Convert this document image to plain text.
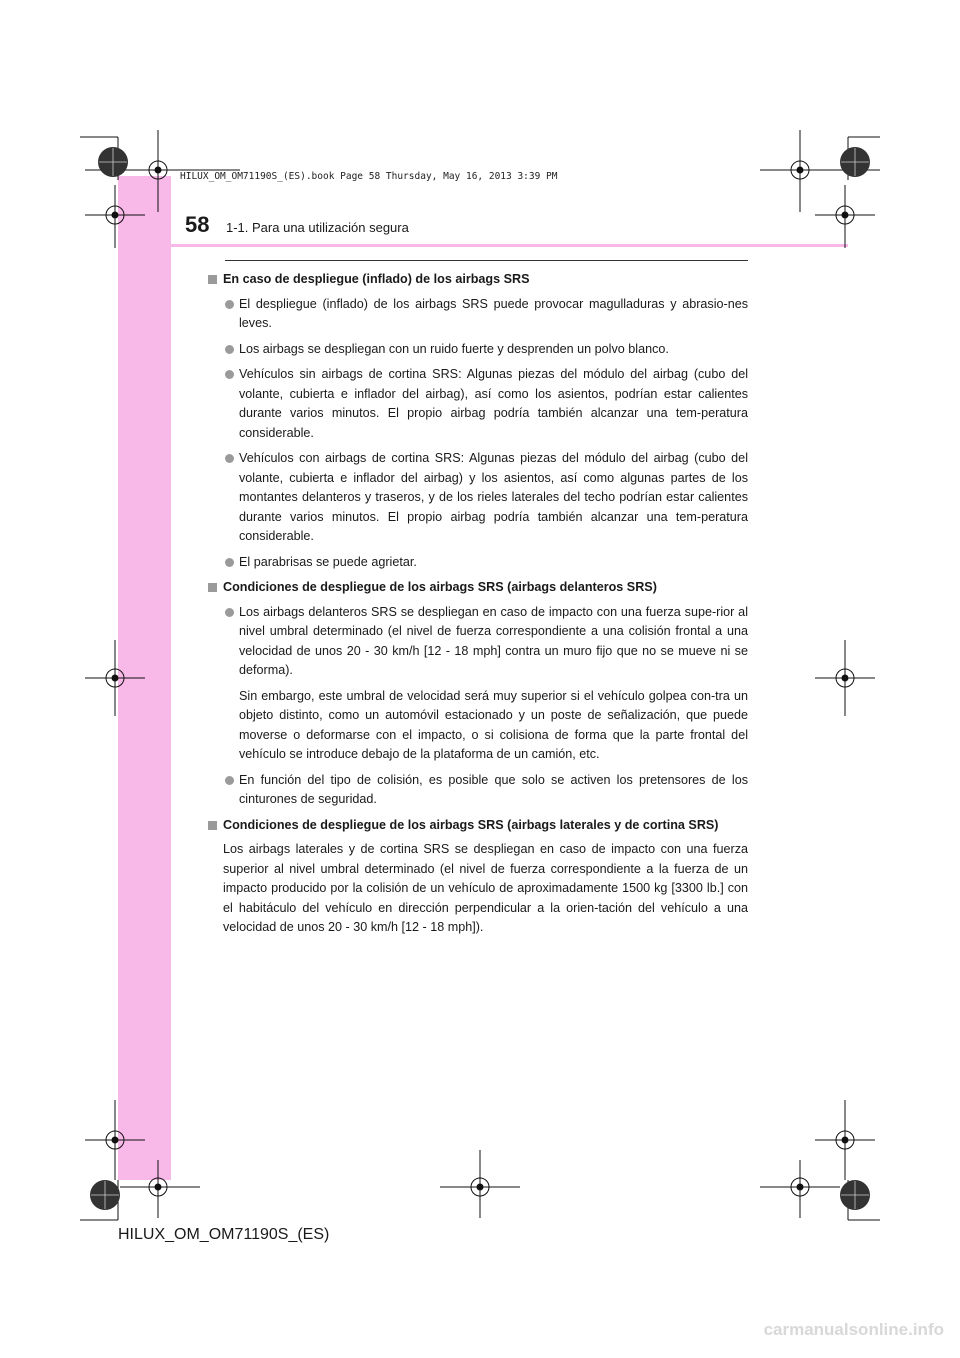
HILUX_OM_OM71190S_(ES).book Page 58 Thursday, May 16, 2013 3:39 PM
58 1-1. Para una utilización segura
En caso de despliegue (inflado) de los airbags SRS
El despliegue (inflado) de los airbags SRS puede provocar magulladuras y abrasio-nes leves.
Los airbags se despliegan con un ruido fuerte y desprenden un polvo blanco.
Vehículos sin airbags de cortina SRS: Algunas piezas del módulo del airbag (cubo del volante, cubierta e inflador del airbag), así como los asientos, podrían estar calientes durante varios minutos. El propio airbag podría también alcanzar una tem-peratura considerable.
Vehículos con airbags de cortina SRS: Algunas piezas del módulo del airbag (cubo del volante, cubierta e inflador del airbag) y los asientos, así como algunas partes de los montantes delanteros y traseros, y de los rieles laterales del techo podrían estar calientes durante varios minutos. El propio airbag podría también alcanzar una tem-peratura considerable.
El parabrisas se puede agrietar.
Condiciones de despliegue de los airbags SRS (airbags delanteros SRS)
Los airbags delanteros SRS se despliegan en caso de impacto con una fuerza supe-rior al nivel umbral determinado (el nivel de fuerza correspondiente a una colisión frontal a una velocidad de unos 20 - 30 km/h [12 - 18 mph] contra un muro fijo que no se mueve ni se deforma).
Sin embargo, este umbral de velocidad será muy superior si el vehículo golpea con-tra un objeto distinto, como un automóvil estacionado y un poste de señalización, que puede moverse o deformarse con el impacto, o si colisiona de forma que la parte frontal del vehículo se introduce debajo de la plataforma de un camión, etc.
En función del tipo de colisión, es posible que solo se activen los pretensores de los cinturones de seguridad.
Condiciones de despliegue de los airbags SRS (airbags laterales y de cortina SRS)
Los airbags laterales y de cortina SRS se despliegan en caso de impacto con una fuerza superior al nivel umbral determinado (el nivel de fuerza correspondiente a la fuerza de un impacto producido por la colisión de un vehículo de aproximadamente 1500 kg [3300 lb.] con el habitáculo del vehículo en dirección perpendicular a la orien-tación del vehículo a una velocidad de unos 20 - 30 km/h [12 - 18 mph]).
HILUX_OM_OM71190S_(ES)
carmanualsonline.info
